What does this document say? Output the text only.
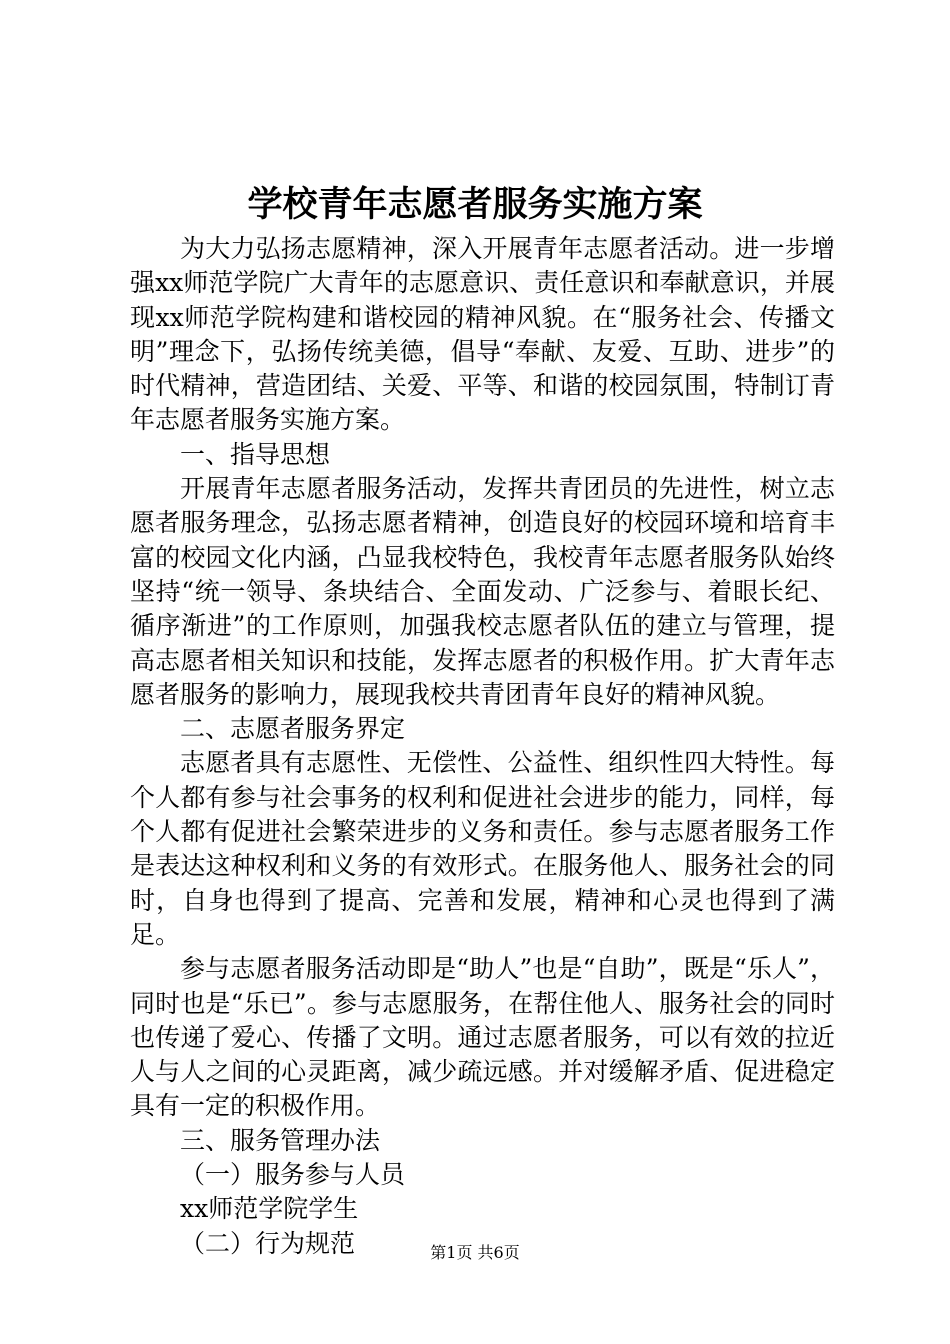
学校青年志愿者服务实施方案

为大力弘扬志愿精神，深入开展青年志愿者活动。进一步增强xx师范学院广大青年的志愿意识、责任意识和奉献意识，并展现xx师范学院构建和谐校园的精神风貌。在“服务社会、传播文明”理念下，弘扬传统美德，倡导“奉献、友爱、互助、进步”的时代精神，营造团结、关爱、平等、和谐的校园氛围，特制订青年志愿者服务实施方案。

一、指导思想

开展青年志愿者服务活动，发挥共青团员的先进性，树立志愿者服务理念，弘扬志愿者精神，创造良好的校园环境和培育丰富的校园文化内涵，凸显我校特色，我校青年志愿者服务队始终坚持“统一领导、条块结合、全面发动、广泛参与、着眼长纪、循序渐进”的工作原则，加强我校志愿者队伍的建立与管理，提高志愿者相关知识和技能，发挥志愿者的积极作用。扩大青年志愿者服务的影响力，展现我校共青团青年良好的精神风貌。

二、志愿者服务界定

志愿者具有志愿性、无偿性、公益性、组织性四大特性。每个人都有参与社会事务的权利和促进社会进步的能力，同样，每个人都有促进社会繁荣进步的义务和责任。参与志愿者服务工作是表达这种权利和义务的有效形式。在服务他人、服务社会的同时，自身也得到了提高、完善和发展，精神和心灵也得到了满足。

参与志愿者服务活动即是“助人”也是“自助”，既是“乐人”，同时也是“乐已”。参与志愿服务，在帮住他人、服务社会的同时也传递了爱心、传播了文明。通过志愿者服务，可以有效的拉近人与人之间的心灵距离，减少疏远感。并对缓解矛盾、促进稳定具有一定的积极作用。

三、服务管理办法

（一）服务参与人员

xx师范学院学生

（二）行为规范	第1页 共6页
